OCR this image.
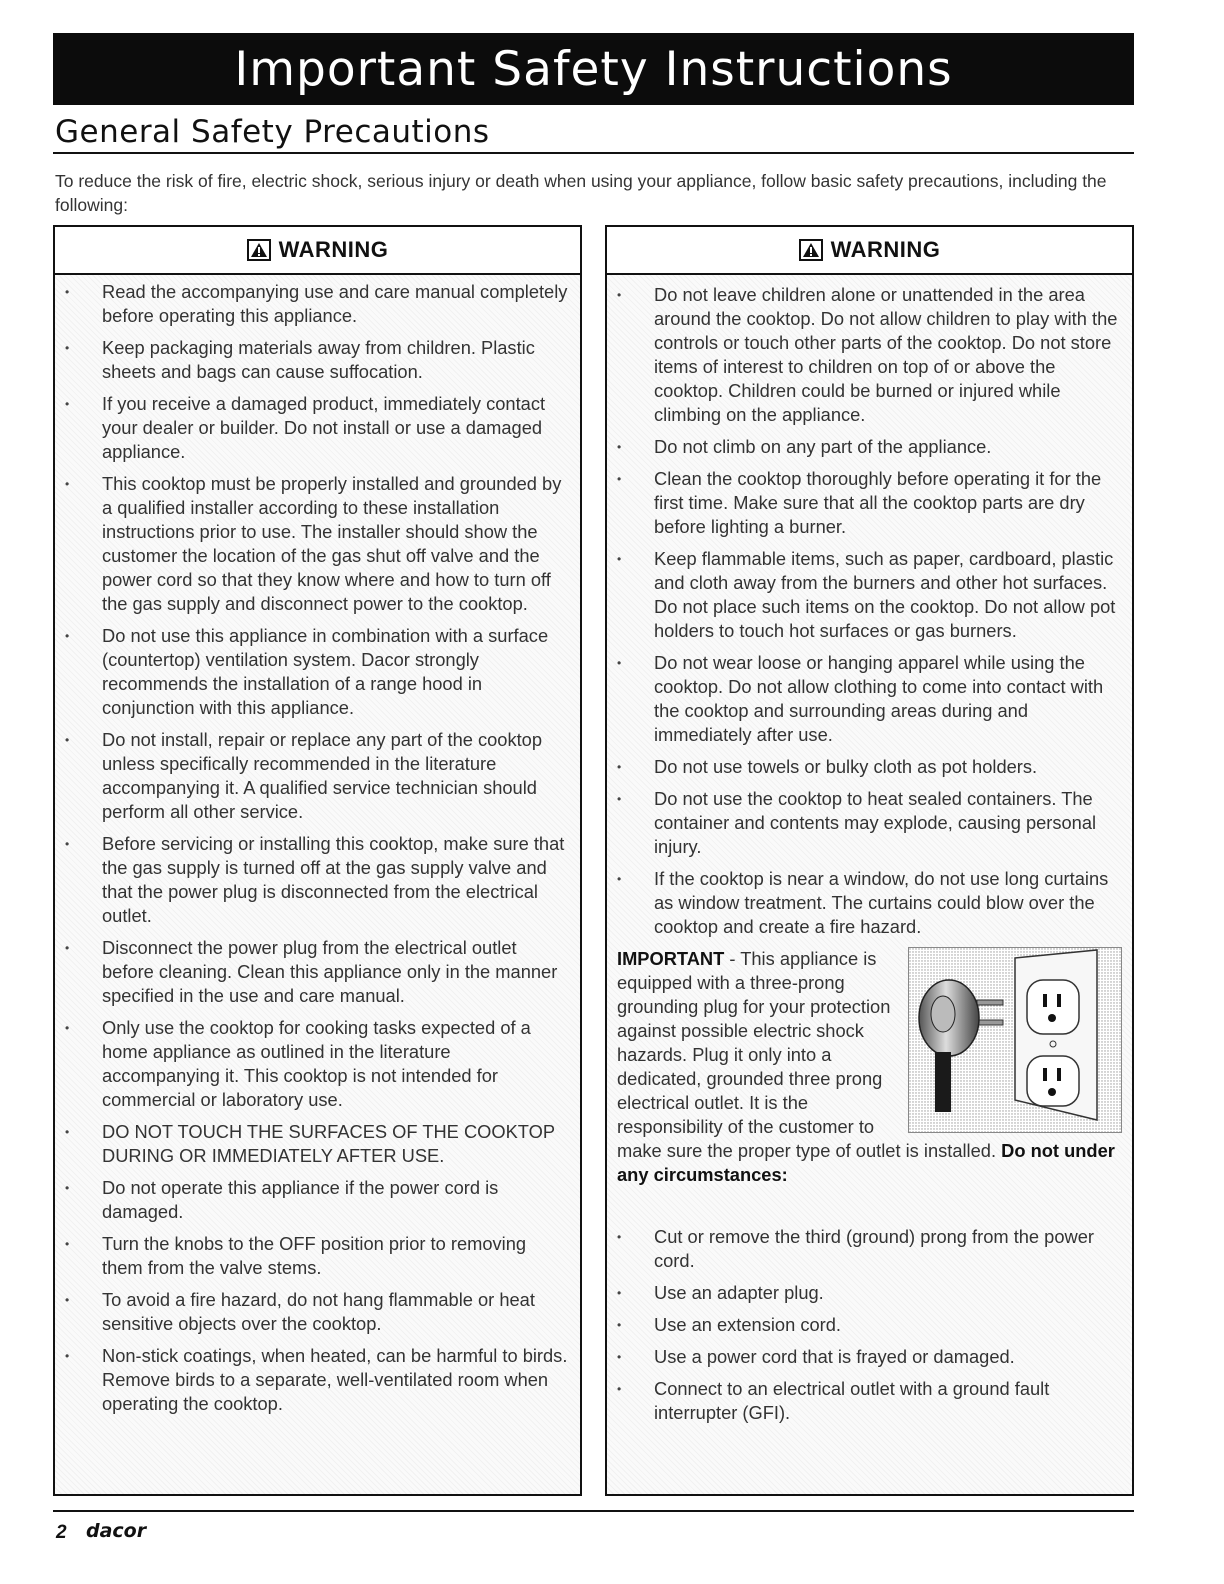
Important Safety Instructions
General Safety Precautions
To reduce the risk of fire, electric shock, serious injury or death when using your appliance, follow basic safety precautions, including the following:
WARNING
• Read the accompanying use and care manual completely before operating this appliance.
• Keep packaging materials away from children. Plastic sheets and bags can cause suffocation.
• If you receive a damaged product, immediately contact your dealer or builder. Do not install or use a damaged appliance.
• This cooktop must be properly installed and grounded by a qualified installer according to these installation instructions prior to use. The installer should show the customer the location of the gas shut off valve and the power cord so that they know where and how to turn off the gas supply and disconnect power to the cooktop.
• Do not use this appliance in combination with a surface (countertop) ventilation system. Dacor strongly recommends the installation of a range hood in conjunction with this appliance.
• Do not install, repair or replace any part of the cooktop unless specifically recommended in the literature accompanying it. A qualified service technician should perform all other service.
• Before servicing or installing this cooktop, make sure that the gas supply is turned off at the gas supply valve and that the power plug is disconnected from the electrical outlet.
• Disconnect the power plug from the electrical outlet before cleaning. Clean this appliance only in the manner specified in the use and care manual.
• Only use the cooktop for cooking tasks expected of a home appliance as outlined in the literature accompanying it. This cooktop is not intended for commercial or laboratory use.
• DO NOT TOUCH THE SURFACES OF THE COOKTOP DURING OR IMMEDIATELY AFTER USE.
• Do not operate this appliance if the power cord is damaged.
• Turn the knobs to the OFF position prior to removing them from the valve stems.
• To avoid a fire hazard, do not hang flammable or heat sensitive objects over the cooktop.
• Non-stick coatings, when heated, can be harmful to birds. Remove birds to a separate, well-ventilated room when operating the cooktop.
WARNING
• Do not leave children alone or unattended in the area around the cooktop. Do not allow children to play with the controls or touch other parts of the cooktop. Do not store items of interest to children on top of or above the cooktop. Children could be burned or injured while climbing on the appliance.
• Do not climb on any part of the appliance.
• Clean the cooktop thoroughly before operating it for the first time. Make sure that all the cooktop parts are dry before lighting a burner.
• Keep flammable items, such as paper, cardboard, plastic and cloth away from the burners and other hot surfaces. Do not place such items on the cooktop. Do not allow pot holders to touch hot surfaces or gas burners.
• Do not wear loose or hanging apparel while using the cooktop. Do not allow clothing to come into contact with the cooktop and surrounding areas during and immediately after use.
• Do not use towels or bulky cloth as pot holders.
• Do not use the cooktop to heat sealed containers. The container and contents may explode, causing personal injury.
• If the cooktop is near a window, do not use long curtains as window treatment. The curtains could blow over the cooktop and create a fire hazard.
IMPORTANT - This appliance is equipped with a three-prong grounding plug for your protection against possible electric shock hazards. Plug it only into a dedicated, grounded three prong electrical outlet. It is the responsibility of the customer to make sure the proper type of outlet is installed. Do not under any circumstances:
• Cut or remove the third (ground) prong from the power cord.
• Use an adapter plug.
• Use an extension cord.
• Use a power cord that is frayed or damaged.
• Connect to an electrical outlet with a ground fault interrupter (GFI).
2 dacor
